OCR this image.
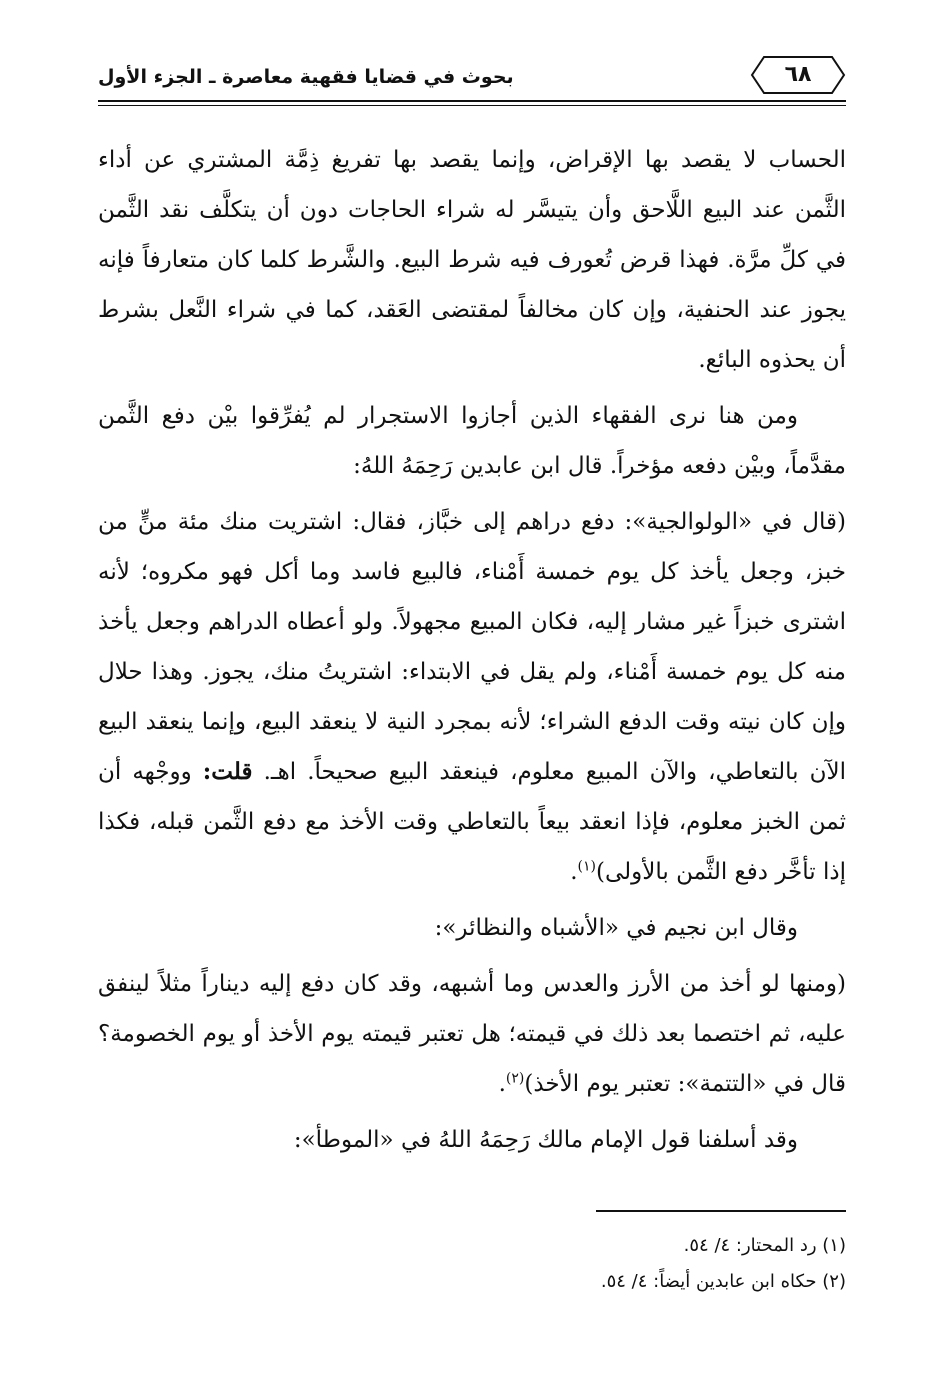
بحوث في قضايا فقهية معاصرة ـ الجزء الأول	٦٨

الحساب لا يقصد بها الإقراض، وإنما يقصد بها تفريغ ذِمَّة المشتري عن أداء الثَّمن عند البيع اللَّاحق وأن يتيسَّر له شراء الحاجات دون أن يتكلَّف نقد الثَّمن في كلِّ مرَّة. فهذا قرض تُعورف فيه شرط البيع. والشَّرط كلما كان متعارفاً فإنه يجوز عند الحنفية، وإن كان مخالفاً لمقتضى العَقد، كما في شراء النَّعل بشرط أن يحذوه البائع.

ومن هنا نرى الفقهاء الذين أجازوا الاستجرار لم يُفرِّقوا بيْن دفع الثَّمن مقدَّماً، وبيْن دفعه مؤخراً. قال ابن عابدين رَحِمَهُ اللهُ:

(قال في «الولوالجية»: دفع دراهم إلى خبَّاز، فقال: اشتريت منك مئة منٍّ من خبز، وجعل يأخذ كل يوم خمسة أَمْناء، فالبيع فاسد وما أكل فهو مكروه؛ لأنه اشترى خبزاً غير مشار إليه، فكان المبيع مجهولاً. ولو أعطاه الدراهم وجعل يأخذ منه كل يوم خمسة أَمْناء، ولم يقل في الابتداء: اشتريتُ منك، يجوز. وهذا حلال وإن كان نيته وقت الدفع الشراء؛ لأنه بمجرد النية لا ينعقد البيع، وإنما ينعقد البيع الآن بالتعاطي، والآن المبيع معلوم، فينعقد البيع صحيحاً. اهـ. قلت: ووجْهه أن ثمن الخبز معلوم، فإذا انعقد بيعاً بالتعاطي وقت الأخذ مع دفع الثَّمن قبله، فكذا إذا تأخَّر دفع الثَّمن بالأولى)$^{(١)}$.

وقال ابن نجيم في «الأشباه والنظائر»:

(ومنها لو أخذ من الأرز والعدس وما أشبهه، وقد كان دفع إليه ديناراً مثلاً لينفق عليه، ثم اختصما بعد ذلك في قيمته؛ هل تعتبر قيمته يوم الأخذ أو يوم الخصومة؟ قال في «التتمة»: تعتبر يوم الأخذ)$^{(٢)}$.

وقد أسلفنا قول الإمام مالك رَحِمَهُ اللهُ في «الموطأ»:

(١) رد المحتار: ٤/ ٥٤.
(٢) حكاه ابن عابدين أيضاً: ٤/ ٥٤.
